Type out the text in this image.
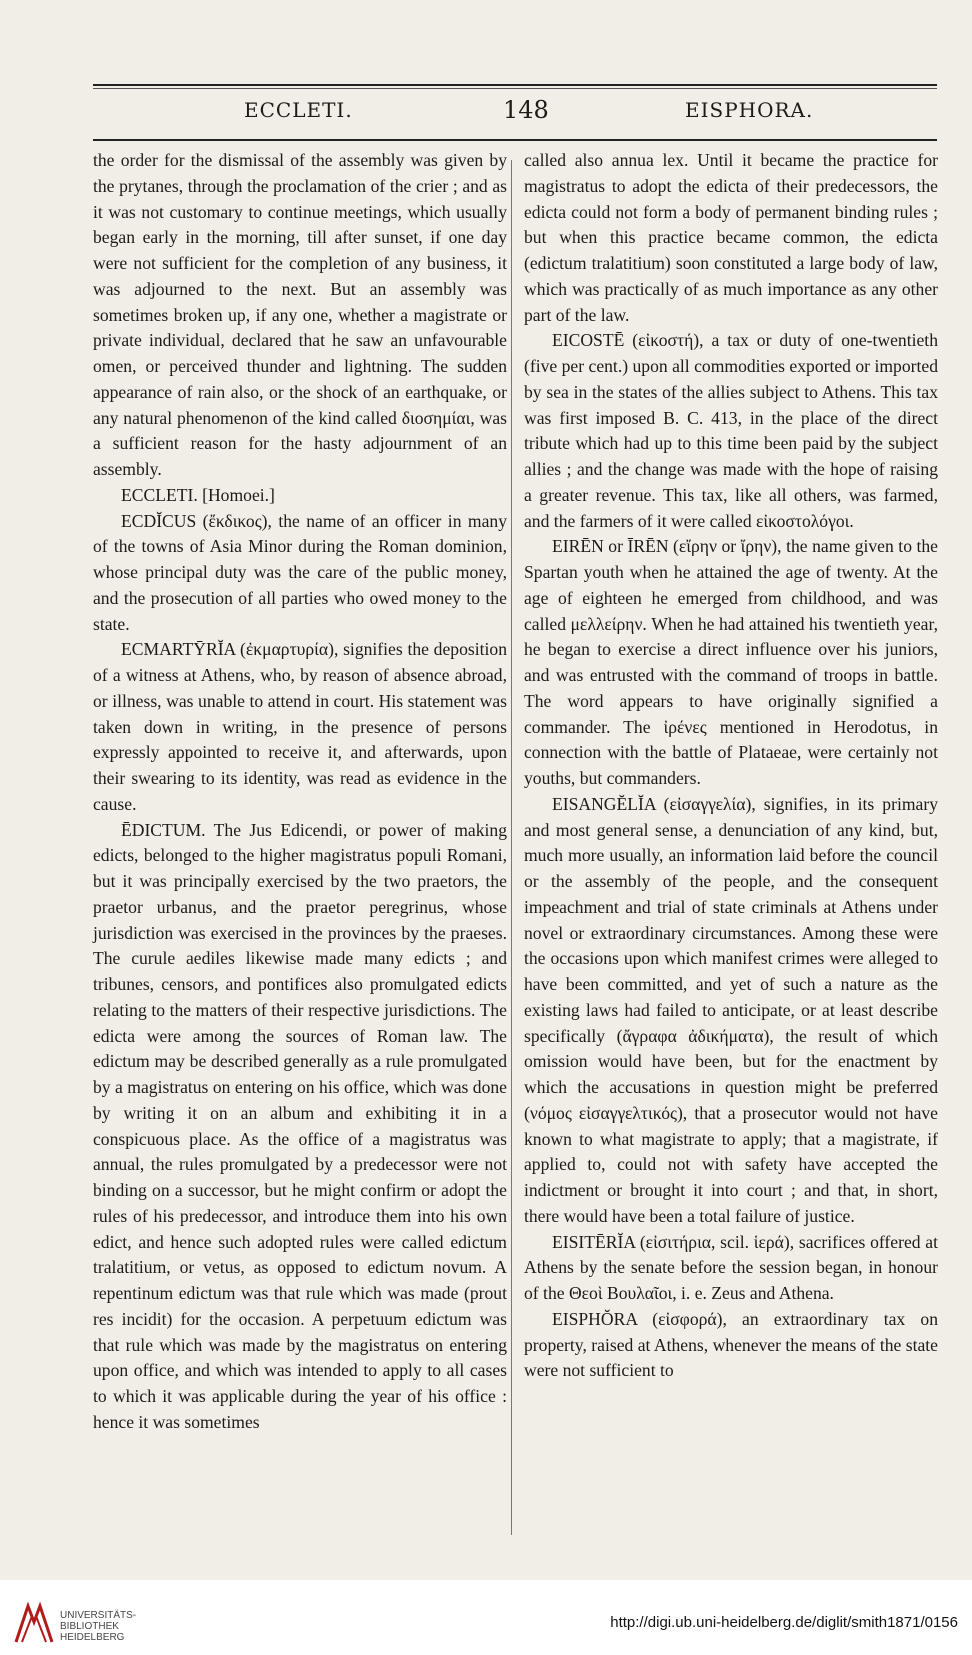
ECCLETI.	148	EISPHORA.

the order for the dismissal of the assembly was given by the prytanes, through the proclamation of the crier ; and as it was not customary to continue meetings, which usually began early in the morning, till after sunset, if one day were not sufficient for the completion of any business, it was adjourned to the next. But an assembly was sometimes broken up, if any one, whether a magistrate or private individual, declared that he saw an unfavourable omen, or perceived thunder and lightning. The sudden appearance of rain also, or the shock of an earthquake, or any natural phenomenon of the kind called διοσημίαι, was a sufficient reason for the hasty adjournment of an assembly.

ECCLETI. [Homoei.]

ECDĬCUS (ἔκδικος), the name of an officer in many of the towns of Asia Minor during the Roman dominion, whose principal duty was the care of the public money, and the prosecution of all parties who owed money to the state.

ECMARTȲRĬA (ἐκμαρτυρία), signifies the deposition of a witness at Athens, who, by reason of absence abroad, or illness, was unable to attend in court. His statement was taken down in writing, in the presence of persons expressly appointed to receive it, and afterwards, upon their swearing to its identity, was read as evidence in the cause.

ĒDICTUM. The Jus Edicendi, or power of making edicts, belonged to the higher magistratus populi Romani, but it was principally exercised by the two praetors, the praetor urbanus, and the praetor peregrinus, whose jurisdiction was exercised in the provinces by the praeses. The curule aediles likewise made many edicts ; and tribunes, censors, and pontifices also promulgated edicts relating to the matters of their respective jurisdictions. The edicta were among the sources of Roman law. The edictum may be described generally as a rule promulgated by a magistratus on entering on his office, which was done by writing it on an album and exhibiting it in a conspicuous place. As the office of a magistratus was annual, the rules promulgated by a predecessor were not binding on a successor, but he might confirm or adopt the rules of his predecessor, and introduce them into his own edict, and hence such adopted rules were called edictum tralatitium, or vetus, as opposed to edictum novum. A repentinum edictum was that rule which was made (prout res incidit) for the occasion. A perpetuum edictum was that rule which was made by the magistratus on entering upon office, and which was intended to apply to all cases to which it was applicable during the year of his office : hence it was sometimes

called also annua lex. Until it became the practice for magistratus to adopt the edicta of their predecessors, the edicta could not form a body of permanent binding rules ; but when this practice became common, the edicta (edictum tralatitium) soon constituted a large body of law, which was practically of as much importance as any other part of the law.

EICOSTĒ (εἰκοστή), a tax or duty of one-twentieth (five per cent.) upon all commodities exported or imported by sea in the states of the allies subject to Athens. This tax was first imposed B. C. 413, in the place of the direct tribute which had up to this time been paid by the subject allies ; and the change was made with the hope of raising a greater revenue. This tax, like all others, was farmed, and the farmers of it were called εἰκοστολόγοι.

EIRĒN or ĪRĒN (εἴρην or ἴρην), the name given to the Spartan youth when he attained the age of twenty. At the age of eighteen he emerged from childhood, and was called μελλείρην. When he had attained his twentieth year, he began to exercise a direct influence over his juniors, and was entrusted with the command of troops in battle. The word appears to have originally signified a commander. The ἰρένες mentioned in Herodotus, in connection with the battle of Plataeae, were certainly not youths, but commanders.

EISANGĔLĬA (εἰσαγγελία), signifies, in its primary and most general sense, a denunciation of any kind, but, much more usually, an information laid before the council or the assembly of the people, and the consequent impeachment and trial of state criminals at Athens under novel or extraordinary circumstances. Among these were the occasions upon which manifest crimes were alleged to have been committed, and yet of such a nature as the existing laws had failed to anticipate, or at least describe specifically (ἄγραφα ἀδικήματα), the result of which omission would have been, but for the enactment by which the accusations in question might be preferred (νόμος εἰσαγγελτικός), that a prosecutor would not have known to what magistrate to apply; that a magistrate, if applied to, could not with safety have accepted the indictment or brought it into court ; and that, in short, there would have been a total failure of justice.

EISITĒRĬA (εἰσιτήρια, scil. ἱερά), sacrifices offered at Athens by the senate before the session began, in honour of the Θεοὶ Βουλαῖοι, i. e. Zeus and Athena.

EISPHŎRA (εἰσφορά), an extraordinary tax on property, raised at Athens, whenever the means of the state were not sufficient to

UNIVERSITÄTS-
BIBLIOTHEK
HEIDELBERG
http://digi.ub.uni-heidelberg.de/diglit/smith1871/0156
